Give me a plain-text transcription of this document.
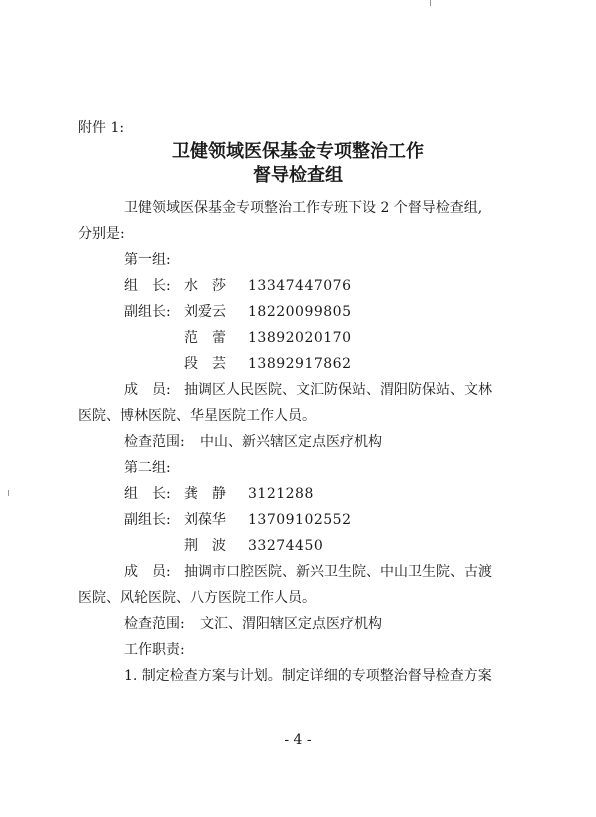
附件 1:
卫健领域医保基金专项整治工作
督导检查组
卫健领域医保基金专项整治工作专班下设 2 个督导检查组,
分别是:
第一组:
组　长: 水　莎 13347447076
副组长: 刘爱云 18220099805
范　蕾 13892020170
段　芸 13892917862
成　员: 抽调区人民医院、文汇防保站、渭阳防保站、文林
医院、博林医院、华星医院工作人员。
检查范围: 中山、新兴辖区定点医疗机构
第二组:
组　长: 龚　静 3121288
副组长: 刘葆华 13709102552
荆　波 33274450
成　员: 抽调市口腔医院、新兴卫生院、中山卫生院、古渡
医院、风轮医院、八方医院工作人员。
检查范围: 文汇、渭阳辖区定点医疗机构
工作职责:
1. 制定检查方案与计划。制定详细的专项整治督导检查方案
- 4 -
